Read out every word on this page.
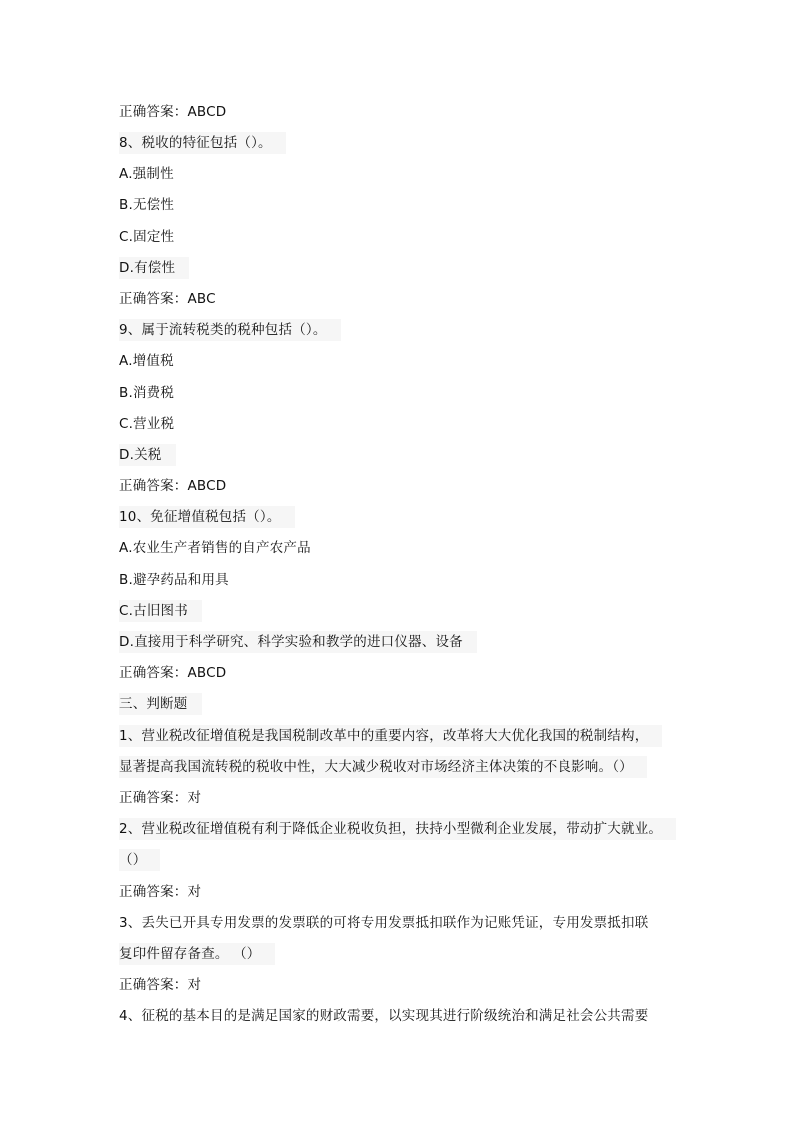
正确答案：ABCD
8、税收的特征包括（）。
A.强制性
B.无偿性
C.固定性
D.有偿性
正确答案：ABC
9、属于流转税类的税种包括（）。
A.增值税
B.消费税
C.营业税
D.关税
正确答案：ABCD
10、免征增值税包括（）。
A.农业生产者销售的自产农产品
B.避孕药品和用具
C.古旧图书
D.直接用于科学研究、科学实验和教学的进口仪器、设备
正确答案：ABCD
三、判断题
1、营业税改征增值税是我国税制改革中的重要内容，改革将大大优化我国的税制结构，
显著提高我国流转税的税收中性，大大减少税收对市场经济主体决策的不良影响。（）
正确答案：对
2、营业税改征增值税有利于降低企业税收负担，扶持小型微利企业发展，带动扩大就业。
（）
正确答案：对
3、丢失已开具专用发票的发票联的可将专用发票抵扣联作为记账凭证，专用发票抵扣联
复印件留存备查。 （）
正确答案：对
4、征税的基本目的是满足国家的财政需要，以实现其进行阶级统治和满足社会公共需要
